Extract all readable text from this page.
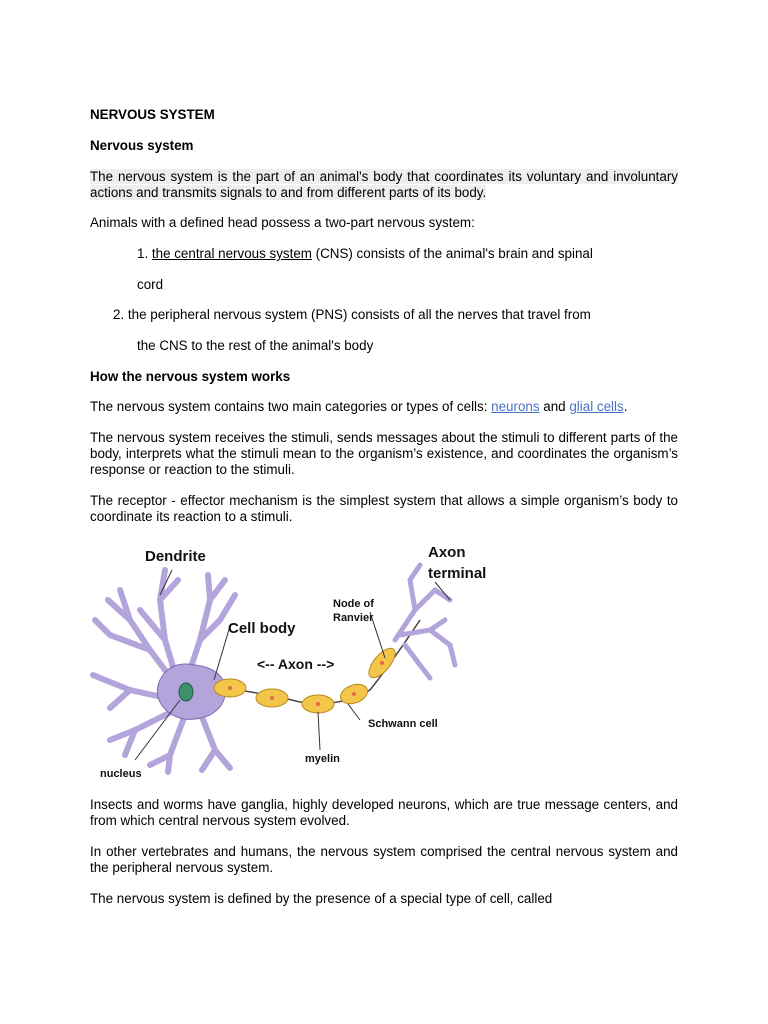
NERVOUS SYSTEM

Nervous system

The nervous system is the part of an animal's body that coordinates its voluntary and involuntary actions and transmits signals to and from different parts of its body.

Animals with a defined head possess a two-part nervous system:

1. the central nervous system (CNS) consists of the animal's brain and spinal

cord

2. the peripheral nervous system (PNS) consists of all the nerves that travel from

the CNS to the rest of the animal's body

How the nervous system works

The nervous system contains two main categories or types of cells: neurons and glial cells.

The nervous system receives the stimuli, sends messages about the stimuli to different parts of the body, interprets what the stimuli mean to the organism’s existence, and coordinates the organism’s response or reaction to the stimuli.

The receptor - effector mechanism is the simplest system that allows a simple organism’s body to coordinate its reaction to a stimuli.

Dendrite	Axon
terminal
Node of
Ranvier
Cell body
<-- Axon -->
Schwann cell
myelin
nucleus

Insects and worms have ganglia, highly developed neurons, which are true message centers, and from which central nervous system evolved.

In other vertebrates and humans, the nervous system comprised the central nervous system and the peripheral nervous system.

The nervous system is defined by the presence of a special type of cell, called
